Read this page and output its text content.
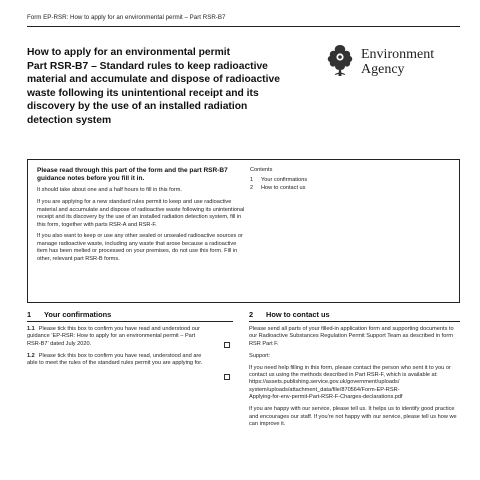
Form EP-RSR: How to apply for an environmental permit – Part RSR-B7
How to apply for an environmental permit
Part RSR-B7 – Standard rules to keep radioactive
material and accumulate and dispose of radioactive
waste following its unintentional receipt and its
discovery by the use of an installed radiation
detection system
Environment
Agency
Please read through this part of the form and the part RSR-B7 guidance notes before you fill it in.

It should take about one and a half hours to fill in this form.

If you are applying for a new standard rules permit to keep and use radioactive material and accumulate and dispose of radioactive waste following its unintentional receipt and its discovery by the use of an installed radiation detection system, fill in this form, together with parts RSR-A and RSR-F.

If you also want to keep or use any other sealed or unsealed radioactive sources or manage radioactive waste, including any waste that arose because a radioactive item has been melted or processed on your premises, do not use this form. Fill in other, relevant part RSR-B forms.

Contents
1	Your confirmations
2	How to contact us
1 Your confirmations

1.1 Please tick this box to confirm you have read and understood our guidance ‘EP-RSR: How to apply for an environmental permit – Part RSR-B7’ dated July 2020.

1.2 Please tick this box to confirm you have read, understood and are able to meet the rules of the standard rules permit you are applying for.

2 How to contact us

Please send all parts of your filled-in application form and supporting documents to our Radioactive Substances Regulation Permit Support Team as described in form RSR Part F.

Support:

If you need help filling in this form, please contact the person who sent it to you or contact us using the methods described in Part RSR-F, which is available at:
https://assets.publishing.service.gov.uk/government/uploads/
system/uploads/attachment_data/file/870564/Form-EP-RSR-

Applying-for-env-permit-Part-RSR-F-Charges-declarations.pdf

If you are happy with our service, please tell us. It helps us to identify good practice and encourages our staff. If you’re not happy with our service, please tell us how we can improve it.
